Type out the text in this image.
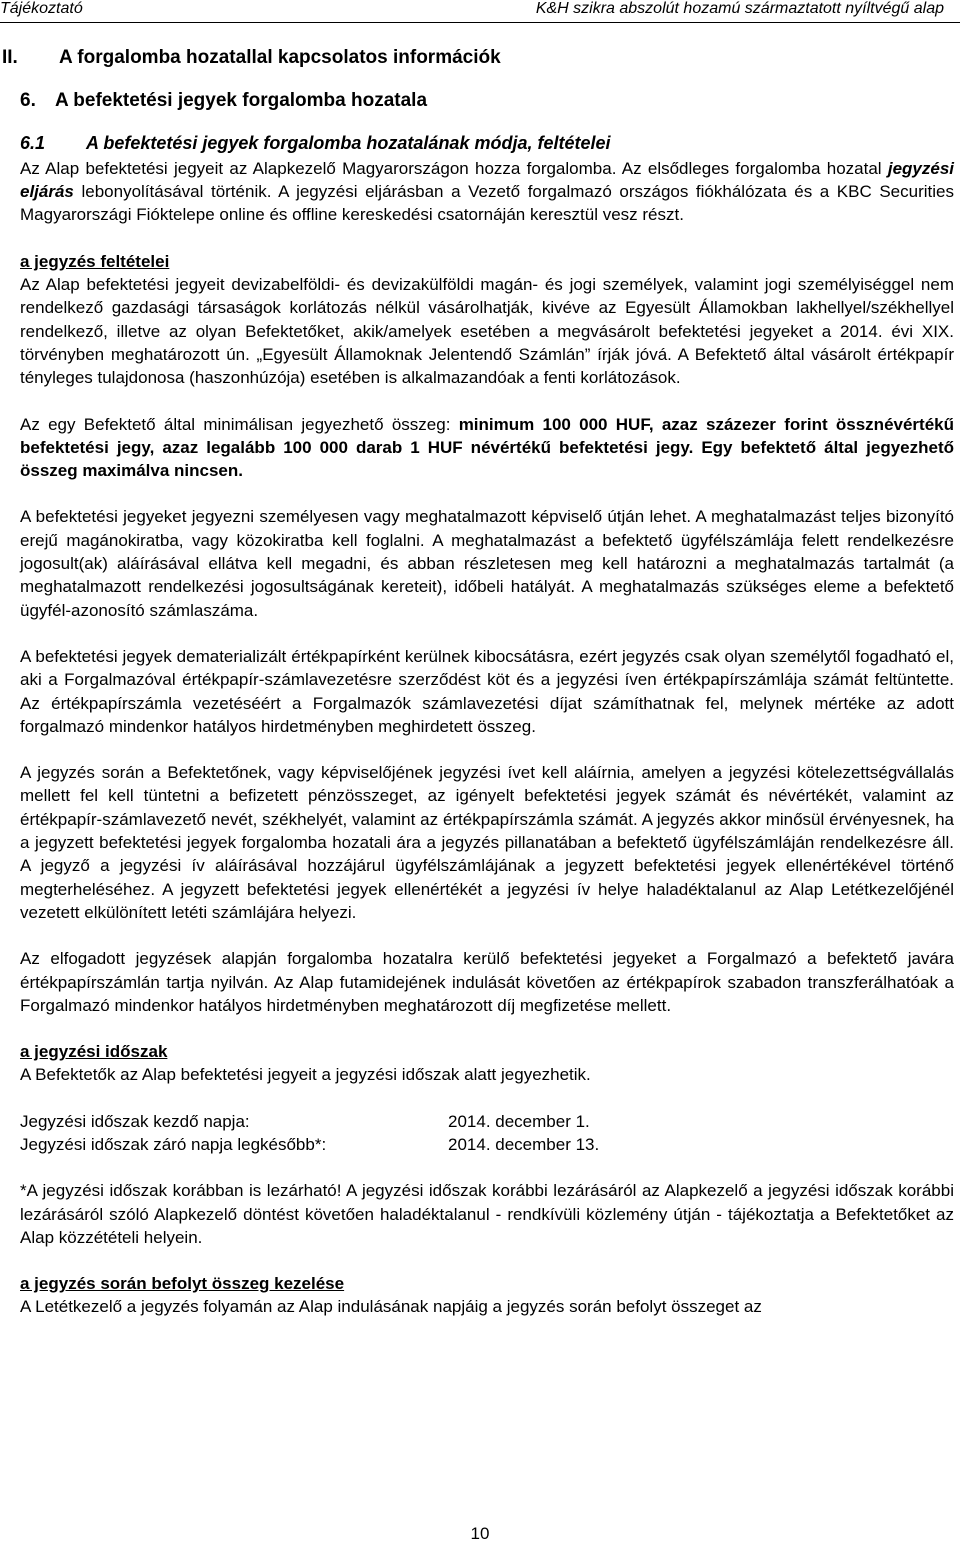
Tájékoztató	K&H szikra abszolút hozamú származtatott nyíltvégű alap
II. A forgalomba hozatallal kapcsolatos információk
6. A befektetési jegyek forgalomba hozatala
6.1 A befektetési jegyek forgalomba hozatalának módja, feltételei

Az Alap befektetési jegyeit az Alapkezelő Magyarországon hozza forgalomba. Az elsődleges forgalomba hozatal jegyzési eljárás lebonyolításával történik. A jegyzési eljárásban a Vezető forgalmazó országos fiókhálózata és a KBC Securities Magyarországi Fióktelepe online és offline kereskedési csatornáján keresztül vesz részt.

a jegyzés feltételei

Az Alap befektetési jegyeit devizabelföldi- és devizakülföldi magán- és jogi személyek, valamint jogi személyiséggel nem rendelkező gazdasági társaságok korlátozás nélkül vásárolhatják, kivéve az Egyesült Államokban lakhellyel/székhellyel rendelkező, illetve az olyan Befektetőket, akik/amelyek esetében a megvásárolt befektetési jegyeket a 2014. évi XIX. törvényben meghatározott ún. „Egyesült Államoknak Jelentendő Számlán” írják jóvá. A Befektető által vásárolt értékpapír tényleges tulajdonosa (haszonhúzója) esetében is alkalmazandóak a fenti korlátozások.

Az egy Befektető által minimálisan jegyezhető összeg: minimum 100 000 HUF, azaz százezer forint össznévértékű befektetési jegy, azaz legalább 100 000 darab 1 HUF névértékű befektetési jegy. Egy befektető által jegyezhető összeg maximálva nincsen.

A befektetési jegyeket jegyezni személyesen vagy meghatalmazott képviselő útján lehet. A meghatalmazást teljes bizonyító erejű magánokiratba, vagy közokiratba kell foglalni. A meghatalmazást a befektető ügyfélszámlája felett rendelkezésre jogosult(ak) aláírásával ellátva kell megadni, és abban részletesen meg kell határozni a meghatalmazás tartalmát (a meghatalmazott rendelkezési jogosultságának kereteit), időbeli hatályát. A meghatalmazás szükséges eleme a befektető ügyfél-azonosító számlaszáma.

A befektetési jegyek dematerializált értékpapírként kerülnek kibocsátásra, ezért jegyzés csak olyan személytől fogadható el, aki a Forgalmazóval értékpapír-számlavezetésre szerződést köt és a jegyzési íven értékpapírszámlája számát feltüntette. Az értékpapírszámla vezetéséért a Forgalmazók számlavezetési díjat számíthatnak fel, melynek mértéke az adott forgalmazó mindenkor hatályos hirdetményben meghirdetett összeg.

A jegyzés során a Befektetőnek, vagy képviselőjének jegyzési ívet kell aláírnia, amelyen a jegyzési kötelezettségvállalás mellett fel kell tüntetni a befizetett pénzösszeget, az igényelt befektetési jegyek számát és névértékét, valamint az értékpapír-számlavezető nevét, székhelyét, valamint az értékpapírszámla számát. A jegyzés akkor minősül érvényesnek, ha a jegyzett befektetési jegyek forgalomba hozatali ára a jegyzés pillanatában a befektető ügyfélszámláján rendelkezésre áll. A jegyző a jegyzési ív aláírásával hozzájárul ügyfélszámlájának a jegyzett befektetési jegyek ellenértékével történő megterheléséhez. A jegyzett befektetési jegyek ellenértékét a jegyzési ív helye haladéktalanul az Alap Letétkezelőjénél vezetett elkülönített letéti számlájára helyezi.

Az elfogadott jegyzések alapján forgalomba hozatalra kerülő befektetési jegyeket a Forgalmazó a befektető javára értékpapírszámlán tartja nyilván. Az Alap futamidejének indulását követően az értékpapírok szabadon transzferálhatóak a Forgalmazó mindenkor hatályos hirdetményben meghatározott díj megfizetése mellett.

a jegyzési időszak

A Befektetők az Alap befektetési jegyeit a jegyzési időszak alatt jegyezhetik.

Jegyzési időszak kezdő napja:	2014. december 1.
Jegyzési időszak záró napja legkésőbb*:	2014. december 13.

*A jegyzési időszak korábban is lezárható! A jegyzési időszak korábbi lezárásáról az Alapkezelő a jegyzési időszak korábbi lezárásáról szóló Alapkezelő döntést követően haladéktalanul - rendkívüli közlemény útján - tájékoztatja a Befektetőket az Alap közzétételi helyein.

a jegyzés során befolyt összeg kezelése

A Letétkezelő a jegyzés folyamán az Alap indulásának napjáig a jegyzés során befolyt összeget az

10
